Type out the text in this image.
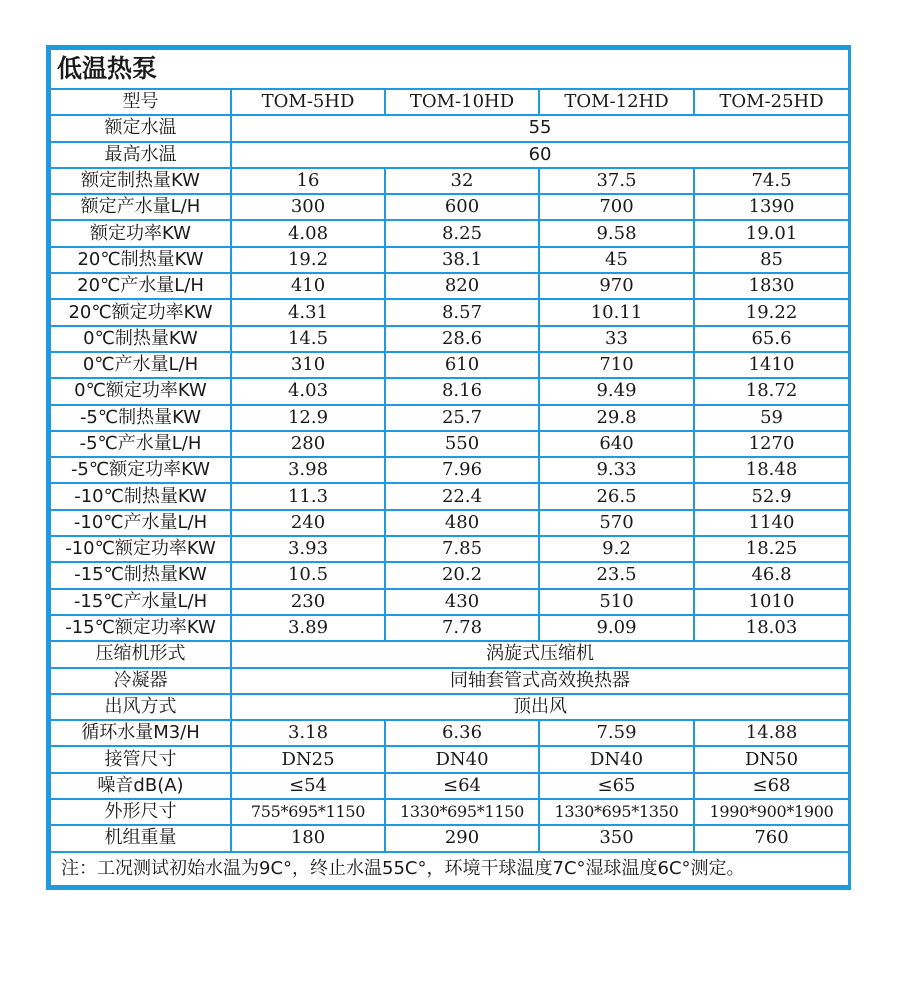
低温热泵				
型号	TOM-5HD	TOM-10HD	TOM-12HD	TOM-25HD
额定水温	55			
最高水温	60			
额定制热量KW	16	32	37.5	74.5
额定产水量L/H	300	600	700	1390
额定功率KW	4.08	8.25	9.58	19.01
20℃制热量KW	19.2	38.1	45	85
20℃产水量L/H	410	820	970	1830
20℃额定功率KW	4.31	8.57	10.11	19.22
0℃制热量KW	14.5	28.6	33	65.6
0℃产水量L/H	310	610	710	1410
0℃额定功率KW	4.03	8.16	9.49	18.72
-5℃制热量KW	12.9	25.7	29.8	59
-5℃产水量L/H	280	550	640	1270
-5℃额定功率KW	3.98	7.96	9.33	18.48
-10℃制热量KW	11.3	22.4	26.5	52.9
-10℃产水量L/H	240	480	570	1140
-10℃额定功率KW	3.93	7.85	9.2	18.25
-15℃制热量KW	10.5	20.2	23.5	46.8
-15℃产水量L/H	230	430	510	1010
-15℃额定功率KW	3.89	7.78	9.09	18.03
压缩机形式	涡旋式压缩机			
冷凝器	同轴套管式高效换热器			
出风方式	顶出风			
循环水量M3/H	3.18	6.36	7.59	14.88
接管尺寸	DN25	DN40	DN40	DN50
噪音dB(A)	≤54	≤64	≤65	≤68
外形尺寸	755*695*1150	1330*695*1150	1330*695*1350	1990*900*1900
机组重量	180	290	350	760
注：工况测试初始水温为9C°，终止水温55C°，环境干球温度7C°湿球温度6C°测定。				
